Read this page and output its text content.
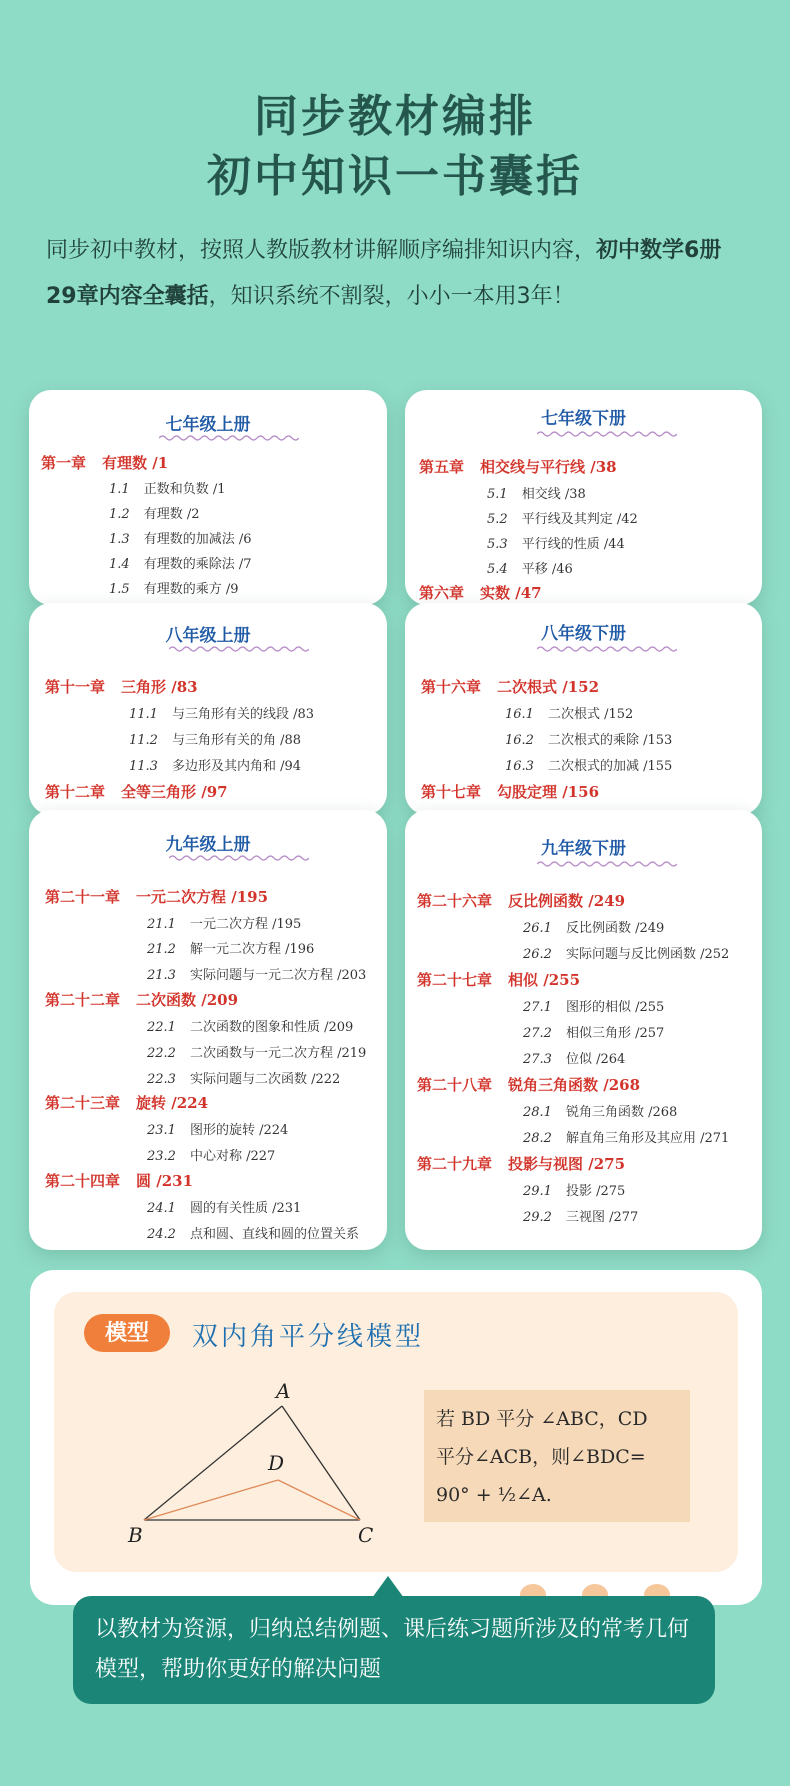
同步教材编排
初中知识一书囊括
同步初中教材，按照人教版教材讲解顺序编排知识内容，初中数学6册29章内容全囊括，知识系统不割裂，小小一本用3年！
七年级上册
第一章 有理数 /1
1.1 正数和负数 /1
1.2 有理数 /2
1.3 有理数的加减法 /6
1.4 有理数的乘除法 /7
1.5 有理数的乘方 /9
七年级下册
第五章 相交线与平行线 /38
5.1 相交线 /38
5.2 平行线及其判定 /42
5.3 平行线的性质 /44
5.4 平移 /46
第六章 实数 /47
八年级上册
第十一章 三角形 /83
11.1 与三角形有关的线段 /83
11.2 与三角形有关的角 /88
11.3 多边形及其内角和 /94
第十二章 全等三角形 /97
八年级下册
第十六章 二次根式 /152
16.1 二次根式 /152
16.2 二次根式的乘除 /153
16.3 二次根式的加减 /155
第十七章 勾股定理 /156
九年级上册
第二十一章 一元二次方程 /195
21.1 一元二次方程 /195
21.2 解一元二次方程 /196
21.3 实际问题与一元二次方程 /203
第二十二章 二次函数 /209
22.1 二次函数的图象和性质 /209
22.2 二次函数与一元二次方程 /219
22.3 实际问题与二次函数 /222
第二十三章 旋转 /224
23.1 图形的旋转 /224
23.2 中心对称 /227
第二十四章 圆 /231
24.1 圆的有关性质 /231
24.2 点和圆、直线和圆的位置关系
九年级下册
第二十六章 反比例函数 /249
26.1 反比例函数 /249
26.2 实际问题与反比例函数 /252
第二十七章 相似 /255
27.1 图形的相似 /255
27.2 相似三角形 /257
27.3 位似 /264
第二十八章 锐角三角函数 /268
28.1 锐角三角函数 /268
28.2 解直角三角形及其应用 /271
第二十九章 投影与视图 /275
29.1 投影 /275
29.2 三视图 /277
模型	双内角平分线模型
A
B	C
D
若 BD 平分 ∠ABC，CD
平分∠ACB，则∠BDC=
90° + ½∠A.
以教材为资源，归纳总结例题、课后练习题所涉及的常考几何模型，帮助你更好的解决问题
